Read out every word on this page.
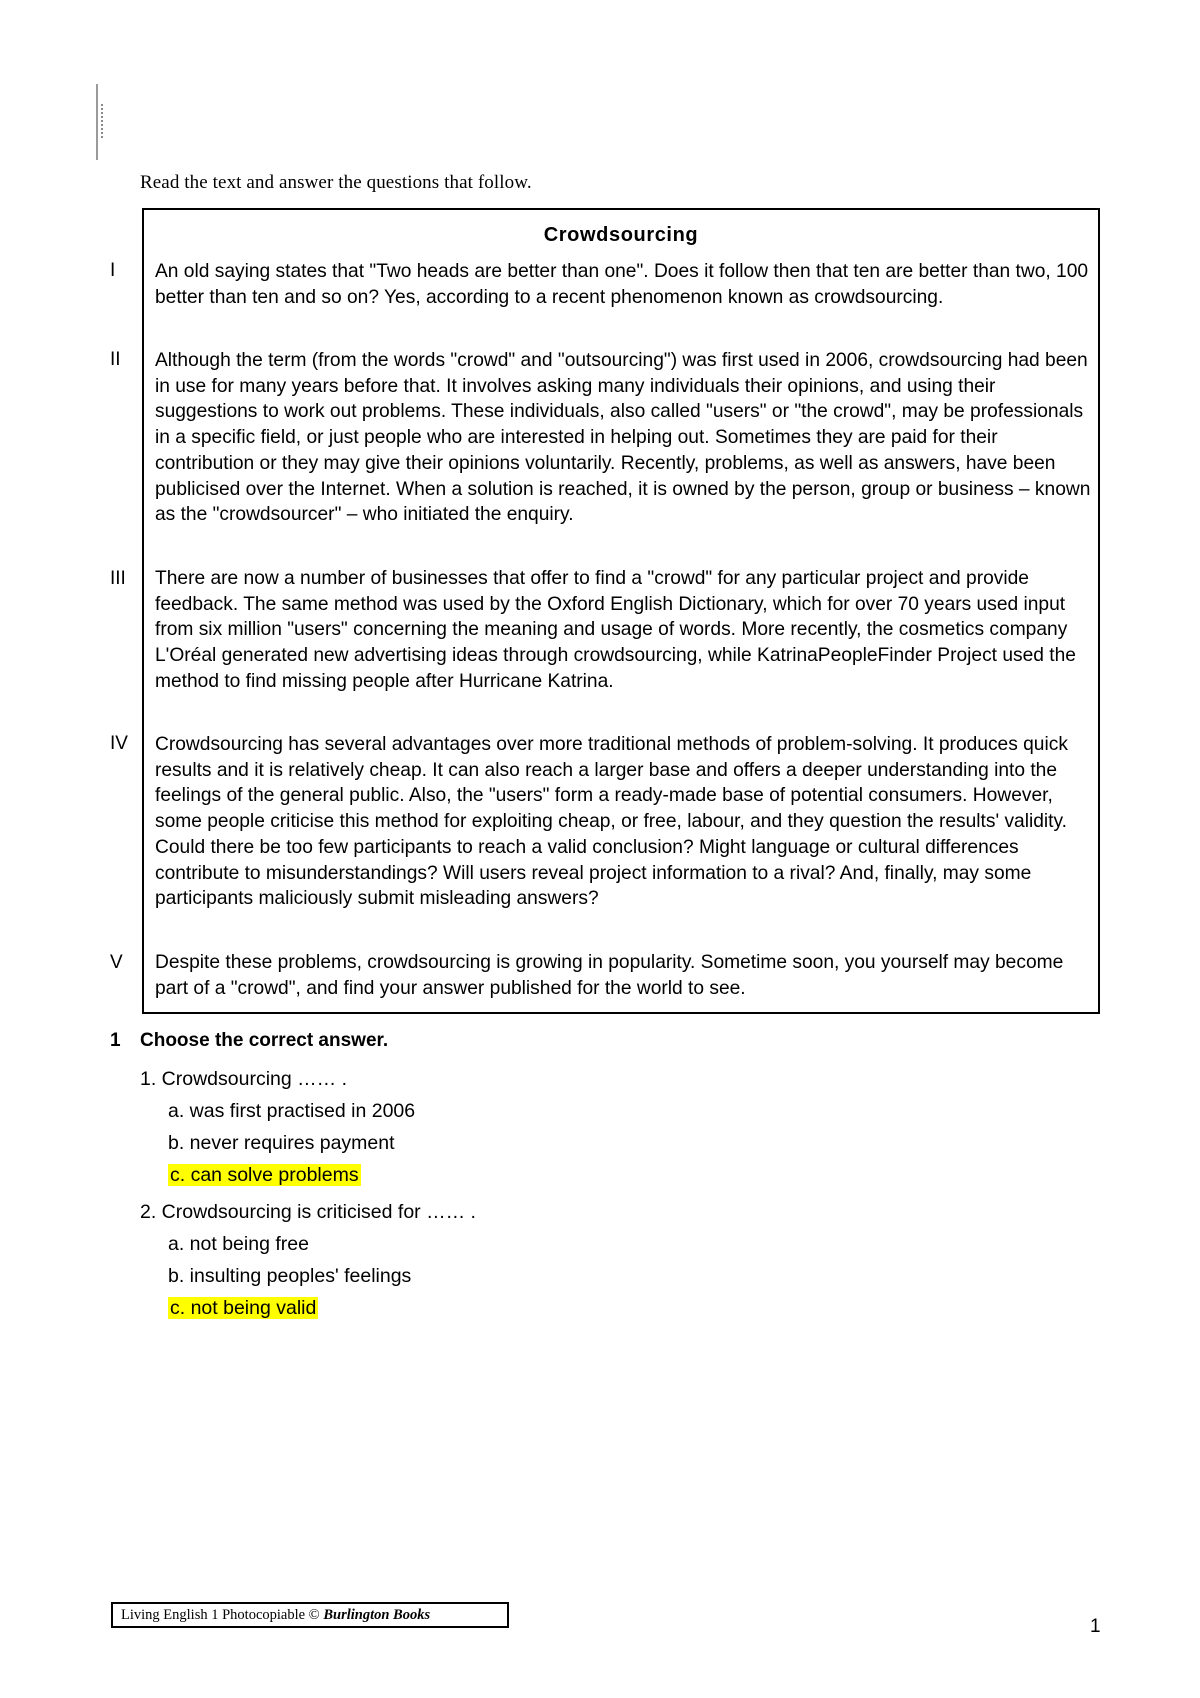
Read the text and answer the questions that follow.
Crowdsourcing
I
II
III
IV
V
An old saying states that "Two heads are better than one". Does it follow then that ten are better than two, 100 better than ten and so on? Yes, according to a recent phenomenon known as crowdsourcing.
Although the term (from the words "crowd" and "outsourcing") was first used in 2006, crowdsourcing had been in use for many years before that. It involves asking many individuals their opinions, and using their suggestions to work out problems. These individuals, also called "users" or "the crowd", may be professionals in a specific field, or just people who are interested in helping out. Sometimes they are paid for their contribution or they may give their opinions voluntarily. Recently, problems, as well as answers, have been publicised over the Internet. When a solution is reached, it is owned by the person, group or business – known as the "crowdsourcer" – who initiated the enquiry.
There are now a number of businesses that offer to find a "crowd" for any particular project and provide feedback. The same method was used by the Oxford English Dictionary, which for over 70 years used input from six million "users" concerning the meaning and usage of words. More recently, the cosmetics company L'Oréal generated new advertising ideas through crowdsourcing, while KatrinaPeopleFinder Project used the method to find missing people after Hurricane Katrina.
Crowdsourcing has several advantages over more traditional methods of problem-solving. It produces quick results and it is relatively cheap. It can also reach a larger base and offers a deeper understanding into the feelings of the general public. Also, the "users" form a ready-made base of potential consumers. However, some people criticise this method for exploiting cheap, or free, labour, and they question the results' validity. Could there be too few participants to reach a valid conclusion? Might language or cultural differences contribute to misunderstandings? Will users reveal project information to a rival? And, finally, may some participants maliciously submit misleading answers?
Despite these problems, crowdsourcing is growing in popularity. Sometime soon, you yourself may become part of a "crowd", and find your answer published for the world to see.
1 Choose the correct answer.
1. Crowdsourcing …… .
a. was first practised in 2006
b. never requires payment
c. can solve problems
2. Crowdsourcing is criticised for …… .
a. not being free
b. insulting peoples' feelings
c. not being valid
Living English 1 Photocopiable © Burlington Books
1
